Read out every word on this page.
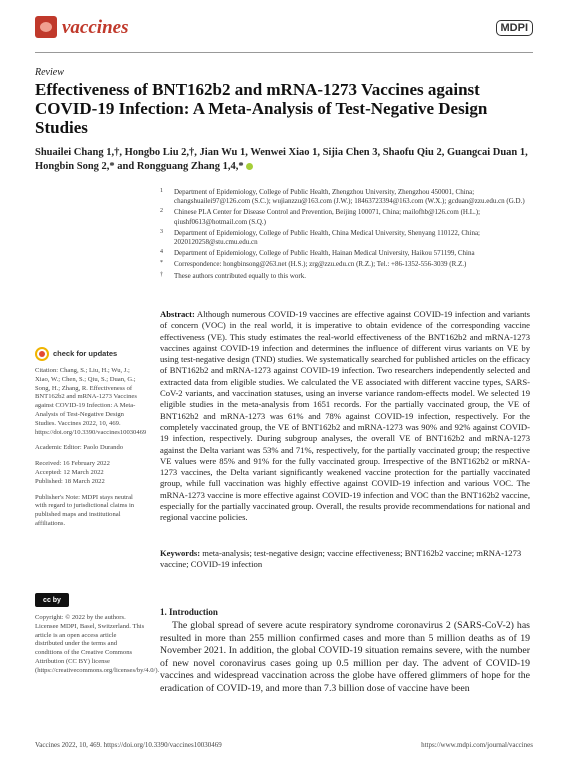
vaccines	MDPI
Review
Effectiveness of BNT162b2 and mRNA-1273 Vaccines against COVID-19 Infection: A Meta-Analysis of Test-Negative Design Studies
Shuailei Chang 1,†, Hongbo Liu 2,†, Jian Wu 1, Wenwei Xiao 1, Sijia Chen 3, Shaofu Qiu 2, Guangcai Duan 1,
Hongbin Song 2,* and Rongguang Zhang 1,4,*
1 Department of Epidemiology, College of Public Health, Zhengzhou University, Zhengzhou 450001, China; changshuailei97@126.com (S.C.); wujianzzu@163.com (J.W.); 18463723394@163.com (W.X.); gcduan@zzu.edu.cn (G.D.)
2 Chinese PLA Center for Disease Control and Prevention, Beijing 100071, China; mailofhb@126.com (H.L.); qiushf0613@hotmail.com (S.Q.)
3 Department of Epidemiology, College of Public Health, China Medical University, Shenyang 110122, China; 2020120258@stu.cmu.edu.cn
4 Department of Epidemiology, College of Public Health, Hainan Medical University, Haikou 571199, China
* Correspondence: hongbinsong@263.net (H.S.); zrg@zzu.edu.cn (R.Z.); Tel.: +86-1352-556-3039 (R.Z.)
† These authors contributed equally to this work.
check for updates
Citation: Chang, S.; Liu, H.; Wu, J.; Xiao, W.; Chen, S.; Qiu, S.; Duan, G.; Song, H.; Zhang, R. Effectiveness of BNT162b2 and mRNA-1273 Vaccines against COVID-19 Infection: A Meta-Analysis of Test-Negative Design Studies. Vaccines 2022, 10, 469. https://doi.org/10.3390/vaccines10030469
Academic Editor: Paolo Durando
Received: 16 February 2022
Accepted: 12 March 2022
Published: 18 March 2022
Publisher's Note: MDPI stays neutral with regard to jurisdictional claims in published maps and institutional affiliations.
cc by
Copyright: © 2022 by the authors. Licensee MDPI, Basel, Switzerland. This article is an open access article distributed under the terms and conditions of the Creative Commons Attribution (CC BY) license (https://creativecommons.org/licenses/by/4.0/).
Abstract: Although numerous COVID-19 vaccines are effective against COVID-19 infection and variants of concern (VOC) in the real world, it is imperative to obtain evidence of the corresponding vaccine effectiveness (VE). This study estimates the real-world effectiveness of the BNT162b2 and mRNA-1273 vaccines against COVID-19 infection and determines the influence of different virus variants on VE by using test-negative design (TND) studies. We systematically searched for published articles on the efficacy of BNT162b2 and mRNA-1273 against COVID-19 infection. Two researchers independently selected and extracted data from eligible studies. We calculated the VE associated with different vaccine types, SARS-CoV-2 variants, and vaccination statuses, using an inverse variance random-effects model. We selected 19 eligible studies in the meta-analysis from 1651 records. For the partially vaccinated group, the VE of BNT162b2 and mRNA-1273 was 61% and 78% against COVID-19 infection, respectively. For the completely vaccinated group, the VE of BNT162b2 and mRNA-1273 was 90% and 92% against COVID-19 infection, respectively. During subgroup analyses, the overall VE of BNT162b2 and mRNA-1273 against the Delta variant was 53% and 71%, respectively, for the partially vaccinated group; the respective VE values were 85% and 91% for the fully vaccinated group. Irrespective of the BNT162b2 or mRNA-1273 vaccines, the Delta variant significantly weakened vaccine protection for the partially vaccinated group, while full vaccination was highly effective against COVID-19 infection and various VOC. The mRNA-1273 vaccine is more effective against COVID-19 infection and VOC than the BNT162b2 vaccine, especially for the partially vaccinated group. Overall, the results provide recommendations for national and regional vaccine policies.
Keywords: meta-analysis; test-negative design; vaccine effectiveness; BNT162b2 vaccine; mRNA-1273 vaccine; COVID-19 infection
1. Introduction
The global spread of severe acute respiratory syndrome coronavirus 2 (SARS-CoV-2) has resulted in more than 255 million confirmed cases and more than 5 million deaths as of 19 November 2021. In addition, the global COVID-19 situation remains severe, with the number of new novel coronavirus cases going up 0.5 million per day. The advent of COVID-19 vaccines and widespread vaccination across the globe have offered glimmers of hope for the eradication of COVID-19, and more than 7.3 billion dose of vaccine have been
Vaccines 2022, 10, 469. https://doi.org/10.3390/vaccines10030469	https://www.mdpi.com/journal/vaccines
